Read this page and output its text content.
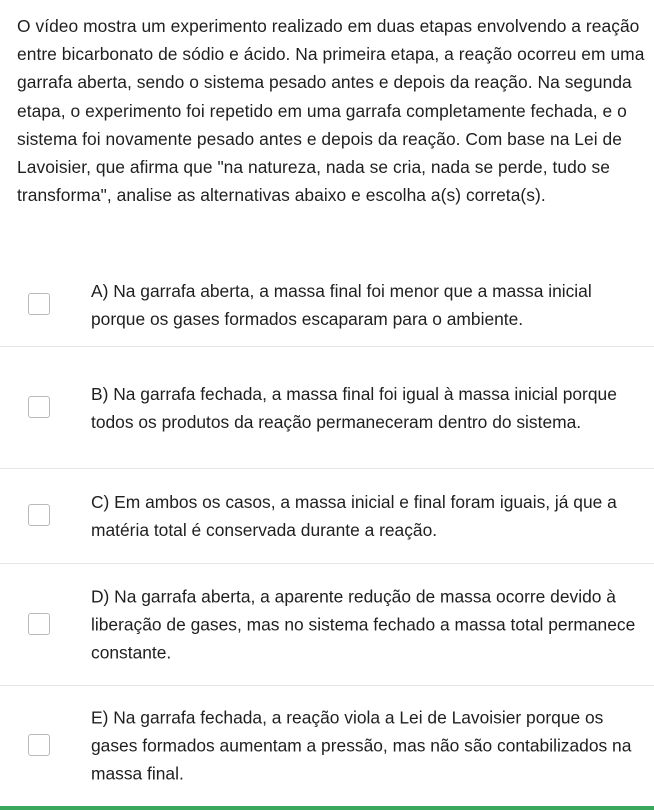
O vídeo mostra um experimento realizado em duas etapas envolvendo a reação entre bicarbonato de sódio e ácido. Na primeira etapa, a reação ocorreu em uma garrafa aberta, sendo o sistema pesado antes e depois da reação. Na segunda etapa, o experimento foi repetido em uma garrafa completamente fechada, e o sistema foi novamente pesado antes e depois da reação. Com base na Lei de Lavoisier, que afirma que "na natureza, nada se cria, nada se perde, tudo se transforma", analise as alternativas abaixo e escolha a(s) correta(s).

A) Na garrafa aberta, a massa final foi menor que a massa inicial porque os gases formados escaparam para o ambiente.
B) Na garrafa fechada, a massa final foi igual à massa inicial porque todos os produtos da reação permaneceram dentro do sistema.
C) Em ambos os casos, a massa inicial e final foram iguais, já que a matéria total é conservada durante a reação.
D) Na garrafa aberta, a aparente redução de massa ocorre devido à liberação de gases, mas no sistema fechado a massa total permanece constante.
E) Na garrafa fechada, a reação viola a Lei de Lavoisier porque os gases formados aumentam a pressão, mas não são contabilizados na massa final.
